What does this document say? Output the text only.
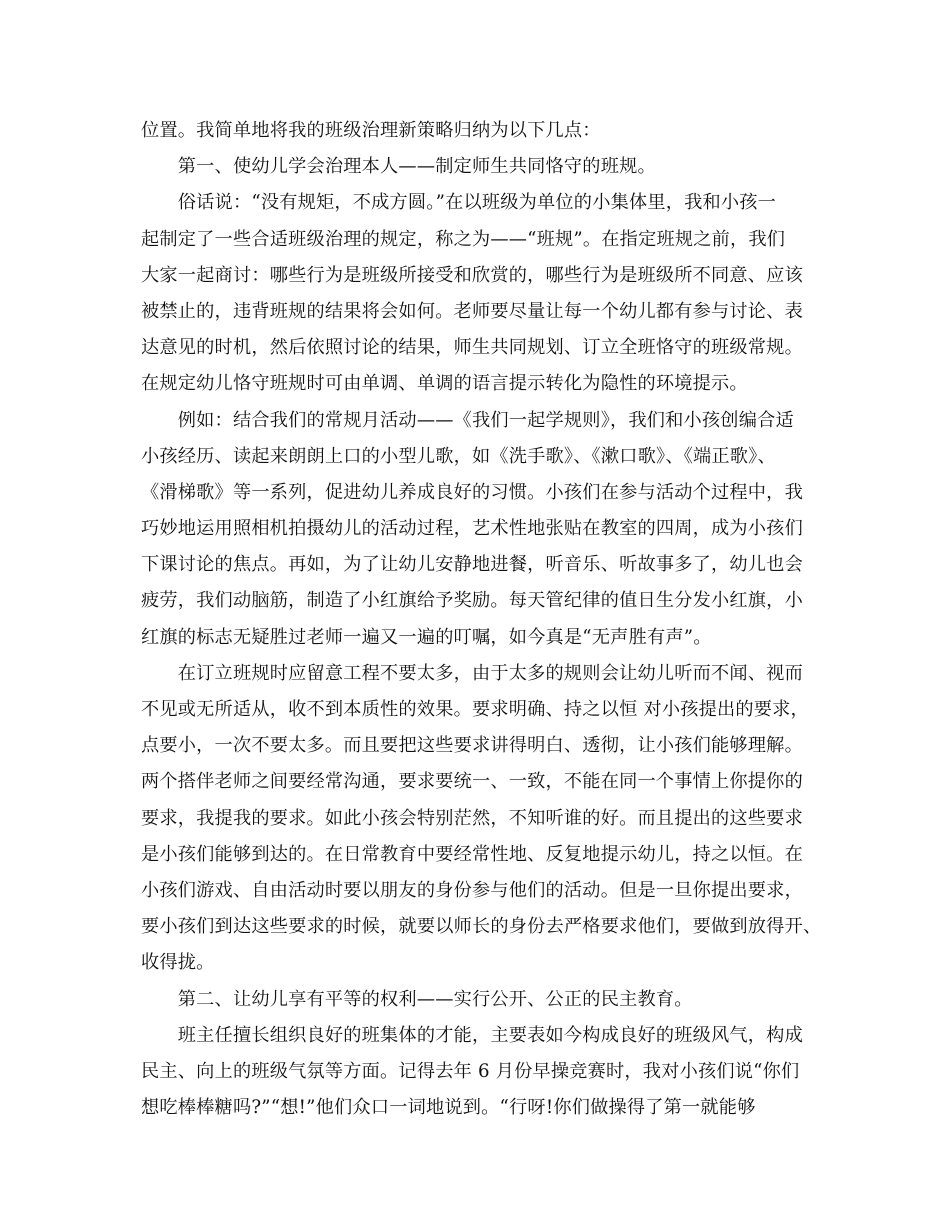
位置。我简单地将我的班级治理新策略归纳为以下几点：
　　第一、使幼儿学会治理本人——制定师生共同恪守的班规。
　　俗话说：“没有规矩，不成方圆。”在以班级为单位的小集体里，我和小孩一
起制定了一些合适班级治理的规定，称之为——“班规”。在指定班规之前，我们
大家一起商讨：哪些行为是班级所接受和欣赏的，哪些行为是班级所不同意、应该
被禁止的，违背班规的结果将会如何。老师要尽量让每一个幼儿都有参与讨论、表
达意见的时机，然后依照讨论的结果，师生共同规划、订立全班恪守的班级常规。
在规定幼儿恪守班规时可由单调、单调的语言提示转化为隐性的环境提示。
　　例如：结合我们的常规月活动——《我们一起学规则》，我们和小孩创编合适
小孩经历、读起来朗朗上口的小型儿歌，如《洗手歌》、《漱口歌》、《端正歌》、
《滑梯歌》等一系列，促进幼儿养成良好的习惯。小孩们在参与活动个过程中，我
巧妙地运用照相机拍摄幼儿的活动过程，艺术性地张贴在教室的四周，成为小孩们
下课讨论的焦点。再如，为了让幼儿安静地进餐，听音乐、听故事多了，幼儿也会
疲劳，我们动脑筋，制造了小红旗给予奖励。每天管纪律的值日生分发小红旗，小
红旗的标志无疑胜过老师一遍又一遍的叮嘱，如今真是“无声胜有声”。
　　在订立班规时应留意工程不要太多，由于太多的规则会让幼儿听而不闻、视而
不见或无所适从，收不到本质性的效果。要求明确、持之以恒 对小孩提出的要求，
点要小，一次不要太多。而且要把这些要求讲得明白、透彻，让小孩们能够理解。
两个搭伴老师之间要经常沟通，要求要统一、一致，不能在同一个事情上你提你的
要求，我提我的要求。如此小孩会特别茫然，不知听谁的好。而且提出的这些要求
是小孩们能够到达的。在日常教育中要经常性地、反复地提示幼儿，持之以恒。在
小孩们游戏、自由活动时要以朋友的身份参与他们的活动。但是一旦你提出要求，
要小孩们到达这些要求的时候，就要以师长的身份去严格要求他们，要做到放得开、
收得拢。
　　第二、让幼儿享有平等的权利——实行公开、公正的民主教育。
　　班主任擅长组织良好的班集体的才能，主要表如今构成良好的班级风气，构成
民主、向上的班级气氛等方面。记得去年 6 月份早操竞赛时，我对小孩们说“你们
想吃棒棒糖吗?”“想!”他们众口一词地说到。“行呀!你们做操得了第一就能够
